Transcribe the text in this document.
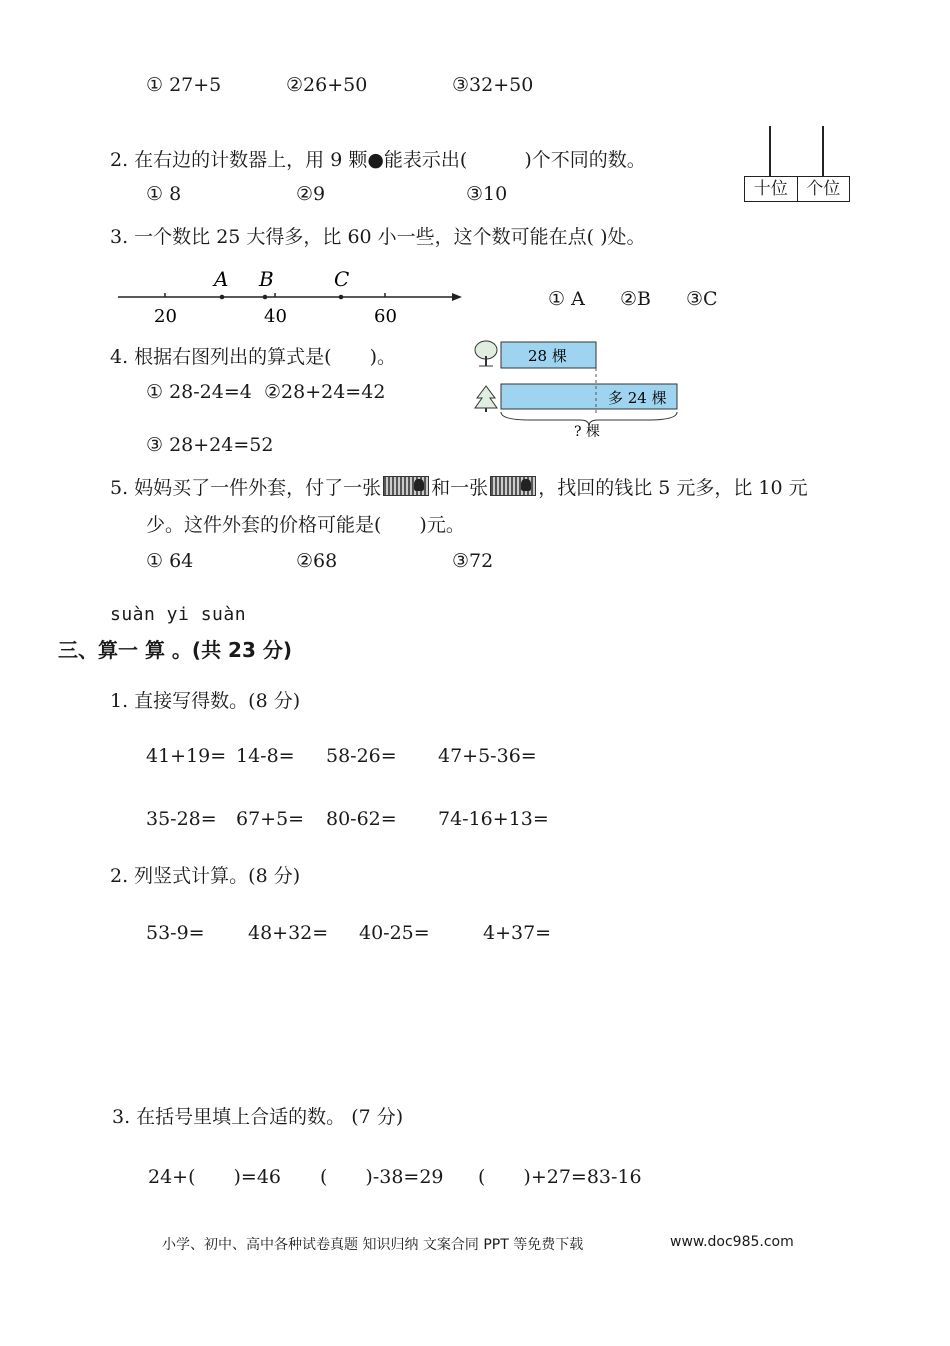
① 27+5	②26+50	③32+50
2. 在右边的计数器上，用 9 颗●能表示出(　　　)个不同的数。
① 8	②9	③10	十位	个位
3. 一个数比 25 大得多，比 60 小一些，这个数可能在点( )处。
A B	C
20	40	60
① A ②B ③C
4. 根据右图列出的算式是(　　)。
① 28-24=4 ②28+24=42
③ 28+24=52
28 棵
多 24 棵
? 棵
5. 妈妈买了一件外套，付了一张	和一张	，找回的钱比 5 元多，比 10 元
少。这件外套的价格可能是(　　)元。
① 64	②68	③72
suàn yi suàn
三、算一 算 。(共 23 分)
1. 直接写得数。(8 分)
41+19= 14-8= 58-26= 47+5-36=
35-28= 67+5= 80-62= 74-16+13=
2. 列竖式计算。(8 分)
53-9= 48+32= 40-25=	4+37=
3. 在括号里填上合适的数。 (7 分)
24+(　　)=46 (　　)-38=29 (　　)+27=83-16
小学、初中、高中各种试卷真题 知识归纳 文案合同 PPT 等免费下载	www.doc985.com
